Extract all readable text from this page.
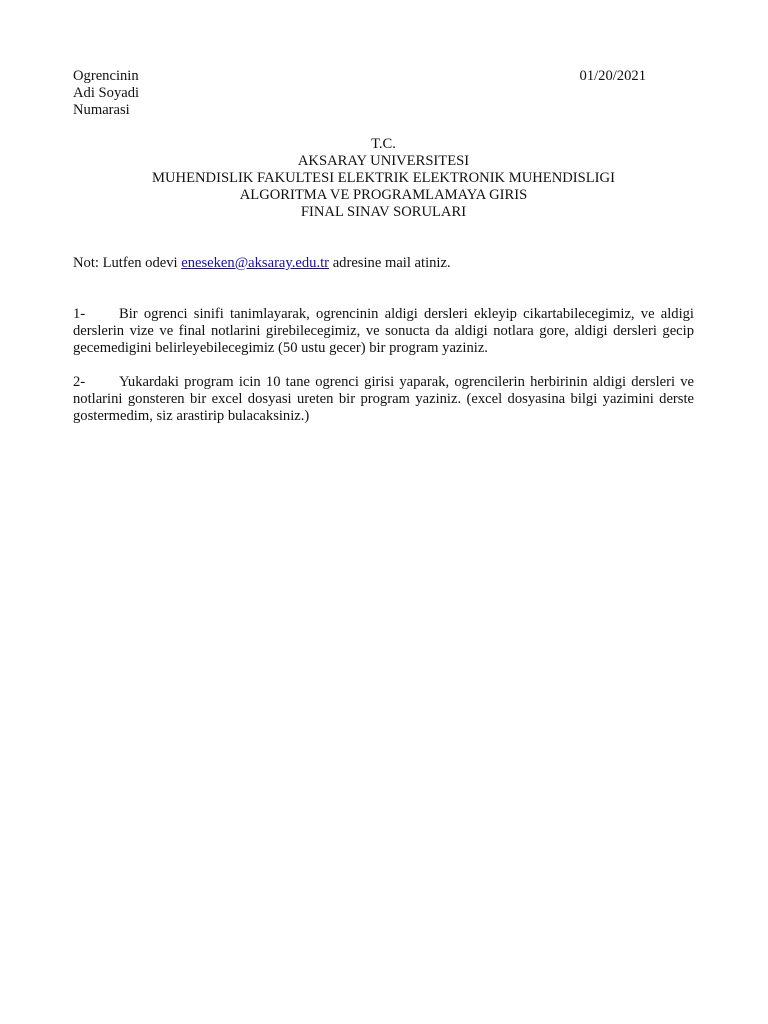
Ogrencinin
Adi Soyadi
Numarasi
01/20/2021
T.C.
AKSARAY UNIVERSITESI
MUHENDISLIK FAKULTESI ELEKTRIK ELEKTRONIK MUHENDISLIGI
ALGORITMA VE PROGRAMLAMAYA GIRIS
FINAL SINAV SORULARI
Not: Lutfen odevi eneseken@aksaray.edu.tr adresine mail atiniz.
1- Bir ogrenci sinifi tanimlayarak, ogrencinin aldigi dersleri ekleyip cikartabilecegimiz, ve aldigi derslerin vize ve final notlarini girebilecegimiz, ve sonucta da aldigi notlara gore, aldigi dersleri gecip gecemedigini belirleyebilecegimiz (50 ustu gecer) bir program yaziniz.
2- Yukardaki program icin 10 tane ogrenci girisi yaparak, ogrencilerin herbirinin aldigi dersleri ve notlarini gonsteren bir excel dosyasi ureten bir program yaziniz. (excel dosyasina bilgi yazimini derste gostermedim, siz arastirip bulacaksiniz.)
